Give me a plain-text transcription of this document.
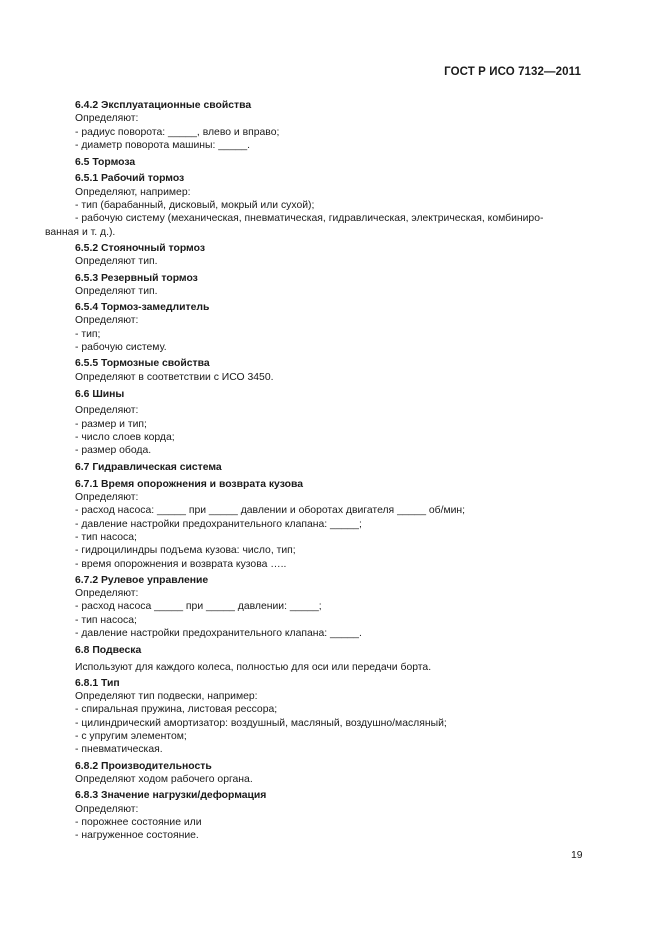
ГОСТ Р ИСО 7132—2011
6.4.2 Эксплуатационные свойства
Определяют:
- радиус поворота: _____, влево и вправо;
- диаметр поворота машины: _____.
6.5 Тормоза
6.5.1 Рабочий тормоз
Определяют, например:
- тип (барабанный, дисковый, мокрый или сухой);
- рабочую систему (механическая, пневматическая, гидравлическая, электрическая, комбиниро-
ванная и т. д.).
6.5.2 Стояночный тормоз
Определяют тип.
6.5.3 Резервный тормоз
Определяют тип.
6.5.4 Тормоз-замедлитель
Определяют:
- тип;
- рабочую систему.
6.5.5 Тормозные свойства
Определяют в соответствии с ИСО 3450.
6.6 Шины
Определяют:
- размер и тип;
- число слоев корда;
- размер обода.
6.7 Гидравлическая система
6.7.1 Время опорожнения и возврата кузова
Определяют:
- расход насоса: _____ при _____ давлении и оборотах двигателя _____ об/мин;
- давление настройки предохранительного клапана: _____;
- тип насоса;
- гидроцилиндры подъема кузова: число, тип;
- время опорожнения и возврата кузова …..
6.7.2 Рулевое управление
Определяют:
- расход насоса _____ при _____ давлении: _____;
- тип насоса;
- давление настройки предохранительного клапана: _____.
6.8 Подвеска
Используют для каждого колеса, полностью для оси или передачи борта.
6.8.1 Тип
Определяют тип подвески, например:
- спиральная пружина, листовая рессора;
- цилиндрический амортизатор: воздушный, масляный, воздушно/масляный;
- с упругим элементом;
- пневматическая.
6.8.2 Производительность
Определяют ходом рабочего органа.
6.8.3 Значение нагрузки/деформация
Определяют:
- порожнее состояние или
- нагруженное состояние.
19
